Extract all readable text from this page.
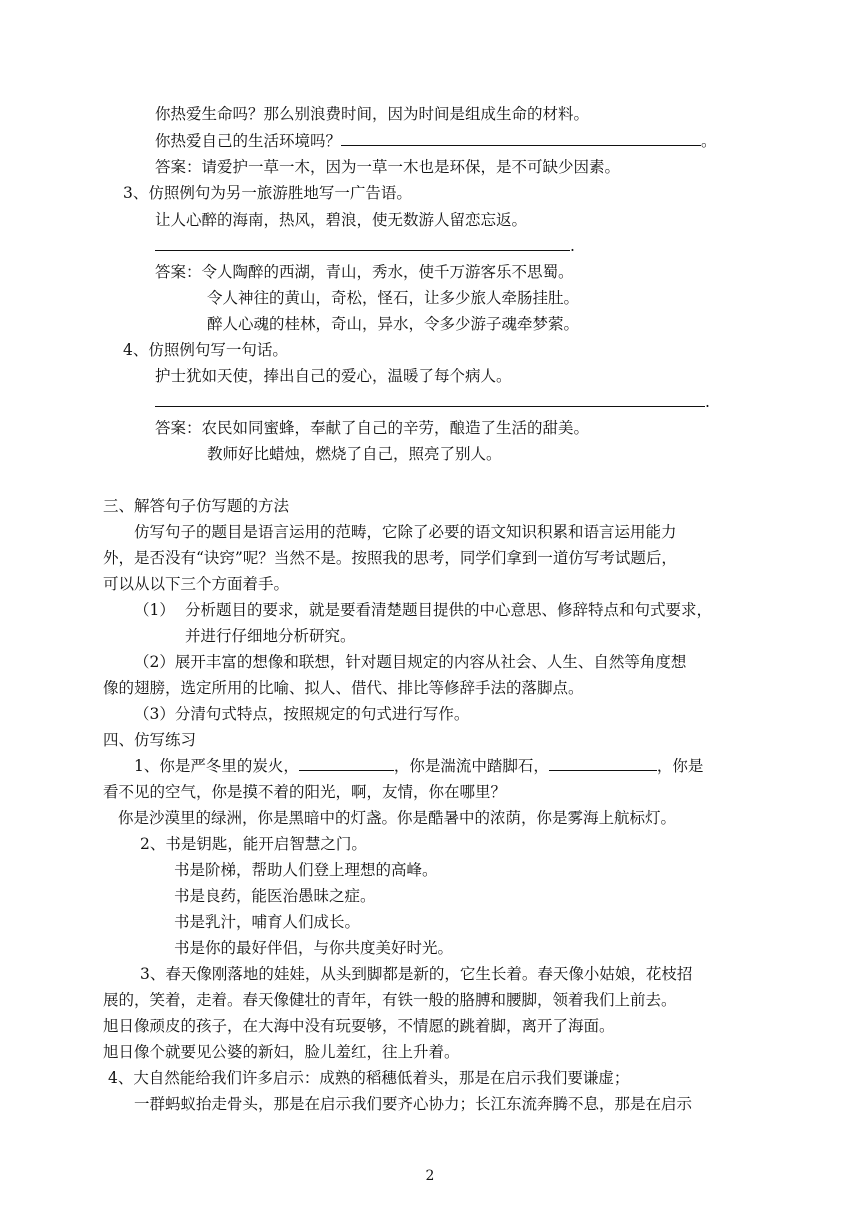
你热爱生命吗？那么别浪费时间，因为时间是组成生命的材料。
你热爱自己的生活环境吗？	。
答案：请爱护一草一木，因为一草一木也是环保，是不可缺少因素。
3、仿照例句为另一旅游胜地写一广告语。
让人心醉的海南，热风，碧浪，使无数游人留恋忘返。
.
答案：令人陶醉的西湖，青山，秀水，使千万游客乐不思蜀。
令人神往的黄山，奇松，怪石，让多少旅人牵肠挂肚。
醉人心魂的桂林，奇山，异水，令多少游子魂牵梦萦。
4、仿照例句写一句话。
护士犹如天使，捧出自己的爱心，温暖了每个病人。
.
答案：农民如同蜜蜂，奉献了自己的辛劳，酿造了生活的甜美。
教师好比蜡烛，燃烧了自己，照亮了别人。
三、解答句子仿写题的方法
仿写句子的题目是语言运用的范畴，它除了必要的语文知识积累和语言运用能力
外，是否没有“诀窍”呢？当然不是。按照我的思考，同学们拿到一道仿写考试题后，
可以从以下三个方面着手。
（1） 分析题目的要求，就是要看清楚题目提供的中心意思、修辞特点和句式要求，
并进行仔细地分析研究。
（2）展开丰富的想像和联想，针对题目规定的内容从社会、人生、自然等角度想
像的翅膀，选定所用的比喻、拟人、借代、排比等修辞手法的落脚点。
（3）分清句式特点，按照规定的句式进行写作。
四、仿写练习
1、你是严冬里的炭火，	，你是湍流中踏脚石，	，你是
看不见的空气，你是摸不着的阳光，啊，友情，你在哪里？
你是沙漠里的绿洲，你是黑暗中的灯盏。你是酷暑中的浓荫，你是雾海上航标灯。
2、书是钥匙，能开启智慧之门。
书是阶梯，帮助人们登上理想的高峰。
书是良药，能医治愚昧之症。
书是乳汁，哺育人们成长。
书是你的最好伴侣，与你共度美好时光。
3、春天像刚落地的娃娃，从头到脚都是新的，它生长着。春天像小姑娘，花枝招
展的，笑着，走着。春天像健壮的青年，有铁一般的胳膊和腰脚，领着我们上前去。
旭日像顽皮的孩子，在大海中没有玩耍够，不情愿的跳着脚，离开了海面。
旭日像个就要见公婆的新妇，脸儿羞红，往上升着。
4、大自然能给我们许多启示：成熟的稻穗低着头，那是在启示我们要谦虚；
一群蚂蚁抬走骨头，那是在启示我们要齐心协力；长江东流奔腾不息，那是在启示
2
